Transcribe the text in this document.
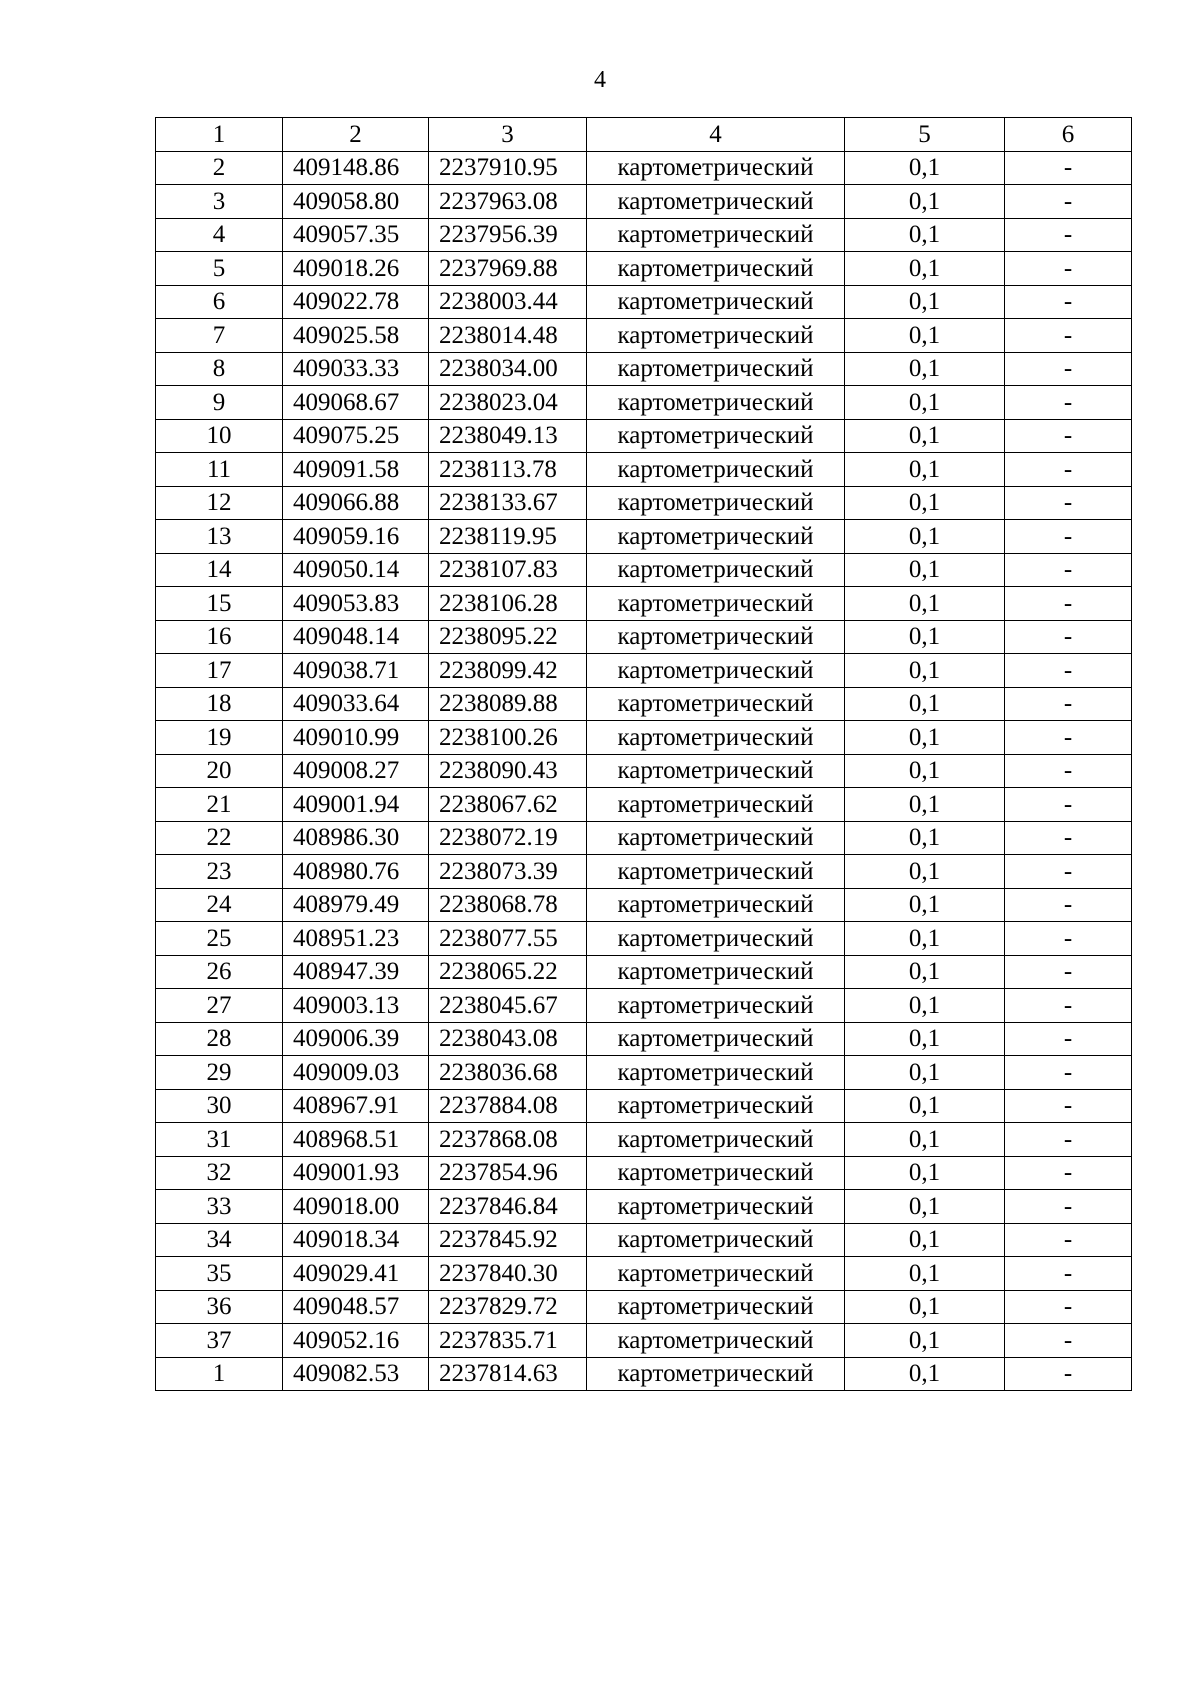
4
1	2	3	4	5	6
2	409148.86	2237910.95	картометрический	0,1	-
3	409058.80	2237963.08	картометрический	0,1	-
4	409057.35	2237956.39	картометрический	0,1	-
5	409018.26	2237969.88	картометрический	0,1	-
6	409022.78	2238003.44	картометрический	0,1	-
7	409025.58	2238014.48	картометрический	0,1	-
8	409033.33	2238034.00	картометрический	0,1	-
9	409068.67	2238023.04	картометрический	0,1	-
10	409075.25	2238049.13	картометрический	0,1	-
11	409091.58	2238113.78	картометрический	0,1	-
12	409066.88	2238133.67	картометрический	0,1	-
13	409059.16	2238119.95	картометрический	0,1	-
14	409050.14	2238107.83	картометрический	0,1	-
15	409053.83	2238106.28	картометрический	0,1	-
16	409048.14	2238095.22	картометрический	0,1	-
17	409038.71	2238099.42	картометрический	0,1	-
18	409033.64	2238089.88	картометрический	0,1	-
19	409010.99	2238100.26	картометрический	0,1	-
20	409008.27	2238090.43	картометрический	0,1	-
21	409001.94	2238067.62	картометрический	0,1	-
22	408986.30	2238072.19	картометрический	0,1	-
23	408980.76	2238073.39	картометрический	0,1	-
24	408979.49	2238068.78	картометрический	0,1	-
25	408951.23	2238077.55	картометрический	0,1	-
26	408947.39	2238065.22	картометрический	0,1	-
27	409003.13	2238045.67	картометрический	0,1	-
28	409006.39	2238043.08	картометрический	0,1	-
29	409009.03	2238036.68	картометрический	0,1	-
30	408967.91	2237884.08	картометрический	0,1	-
31	408968.51	2237868.08	картометрический	0,1	-
32	409001.93	2237854.96	картометрический	0,1	-
33	409018.00	2237846.84	картометрический	0,1	-
34	409018.34	2237845.92	картометрический	0,1	-
35	409029.41	2237840.30	картометрический	0,1	-
36	409048.57	2237829.72	картометрический	0,1	-
37	409052.16	2237835.71	картометрический	0,1	-
1	409082.53	2237814.63	картометрический	0,1	-
